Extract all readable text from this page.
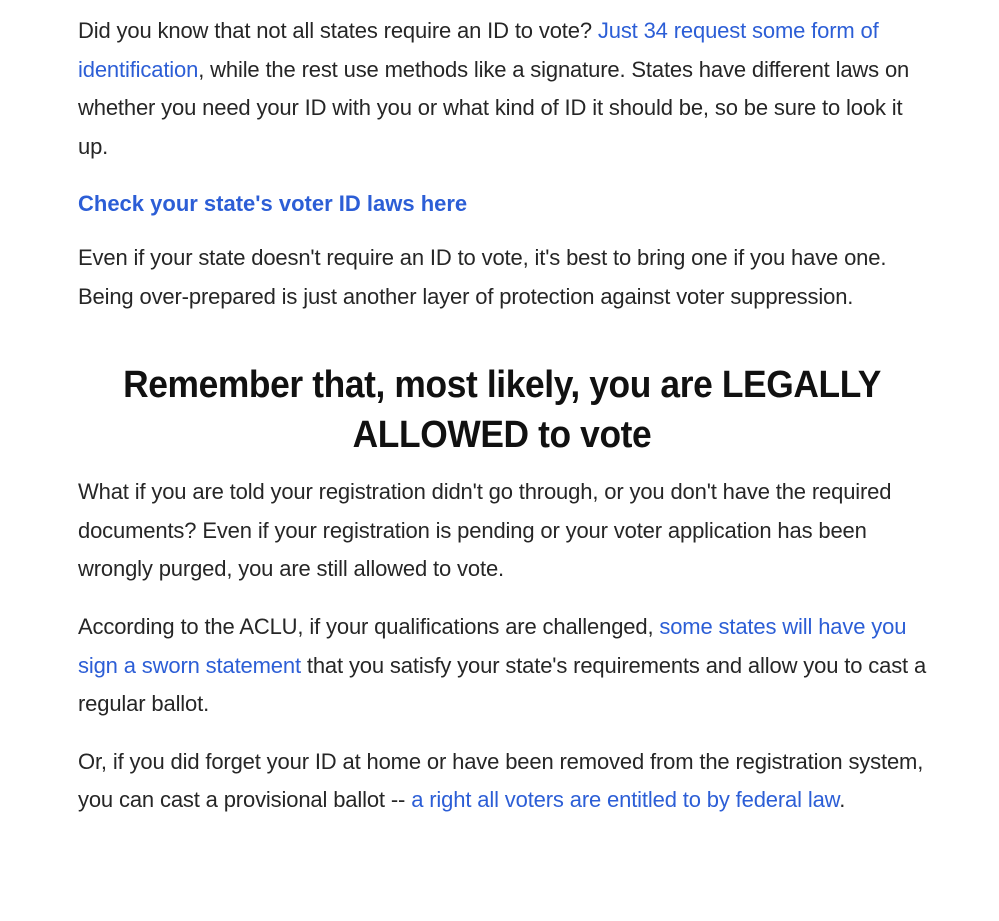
Did you know that not all states require an ID to vote? Just 34 request some form of identification, while the rest use methods like a signature. States have different laws on whether you need your ID with you or what kind of ID it should be, so be sure to look it up.

Check your state's voter ID laws here

Even if your state doesn't require an ID to vote, it's best to bring one if you have one. Being over-prepared is just another layer of protection against voter suppression.

Remember that, most likely, you are LEGALLY
ALLOWED to vote

What if you are told your registration didn't go through, or you don't have the required documents? Even if your registration is pending or your voter application has been wrongly purged, you are still allowed to vote.

According to the ACLU, if your qualifications are challenged, some states will have you sign a sworn statement that you satisfy your state's requirements and allow you to cast a regular ballot.

Or, if you did forget your ID at home or have been removed from the registration system, you can cast a provisional ballot -- a right all voters are entitled to by federal law.
